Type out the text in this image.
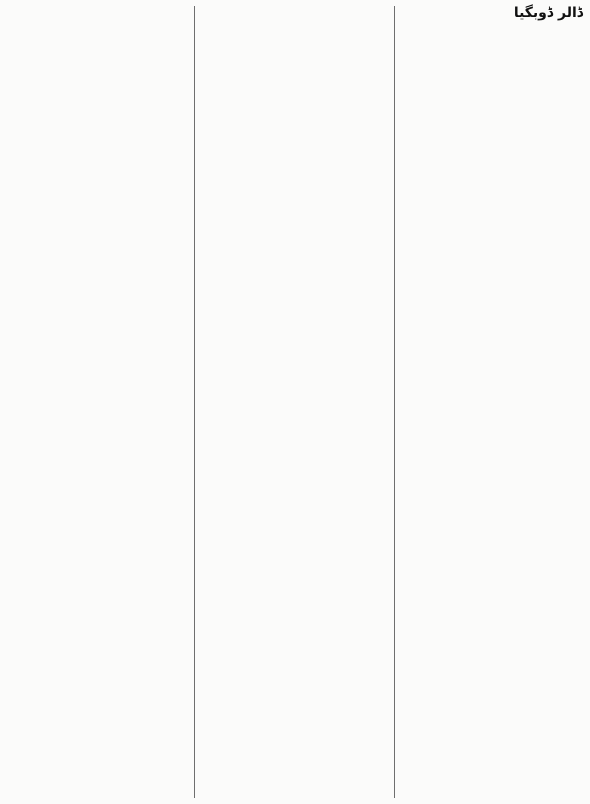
ڈالر ڈوبگیا
